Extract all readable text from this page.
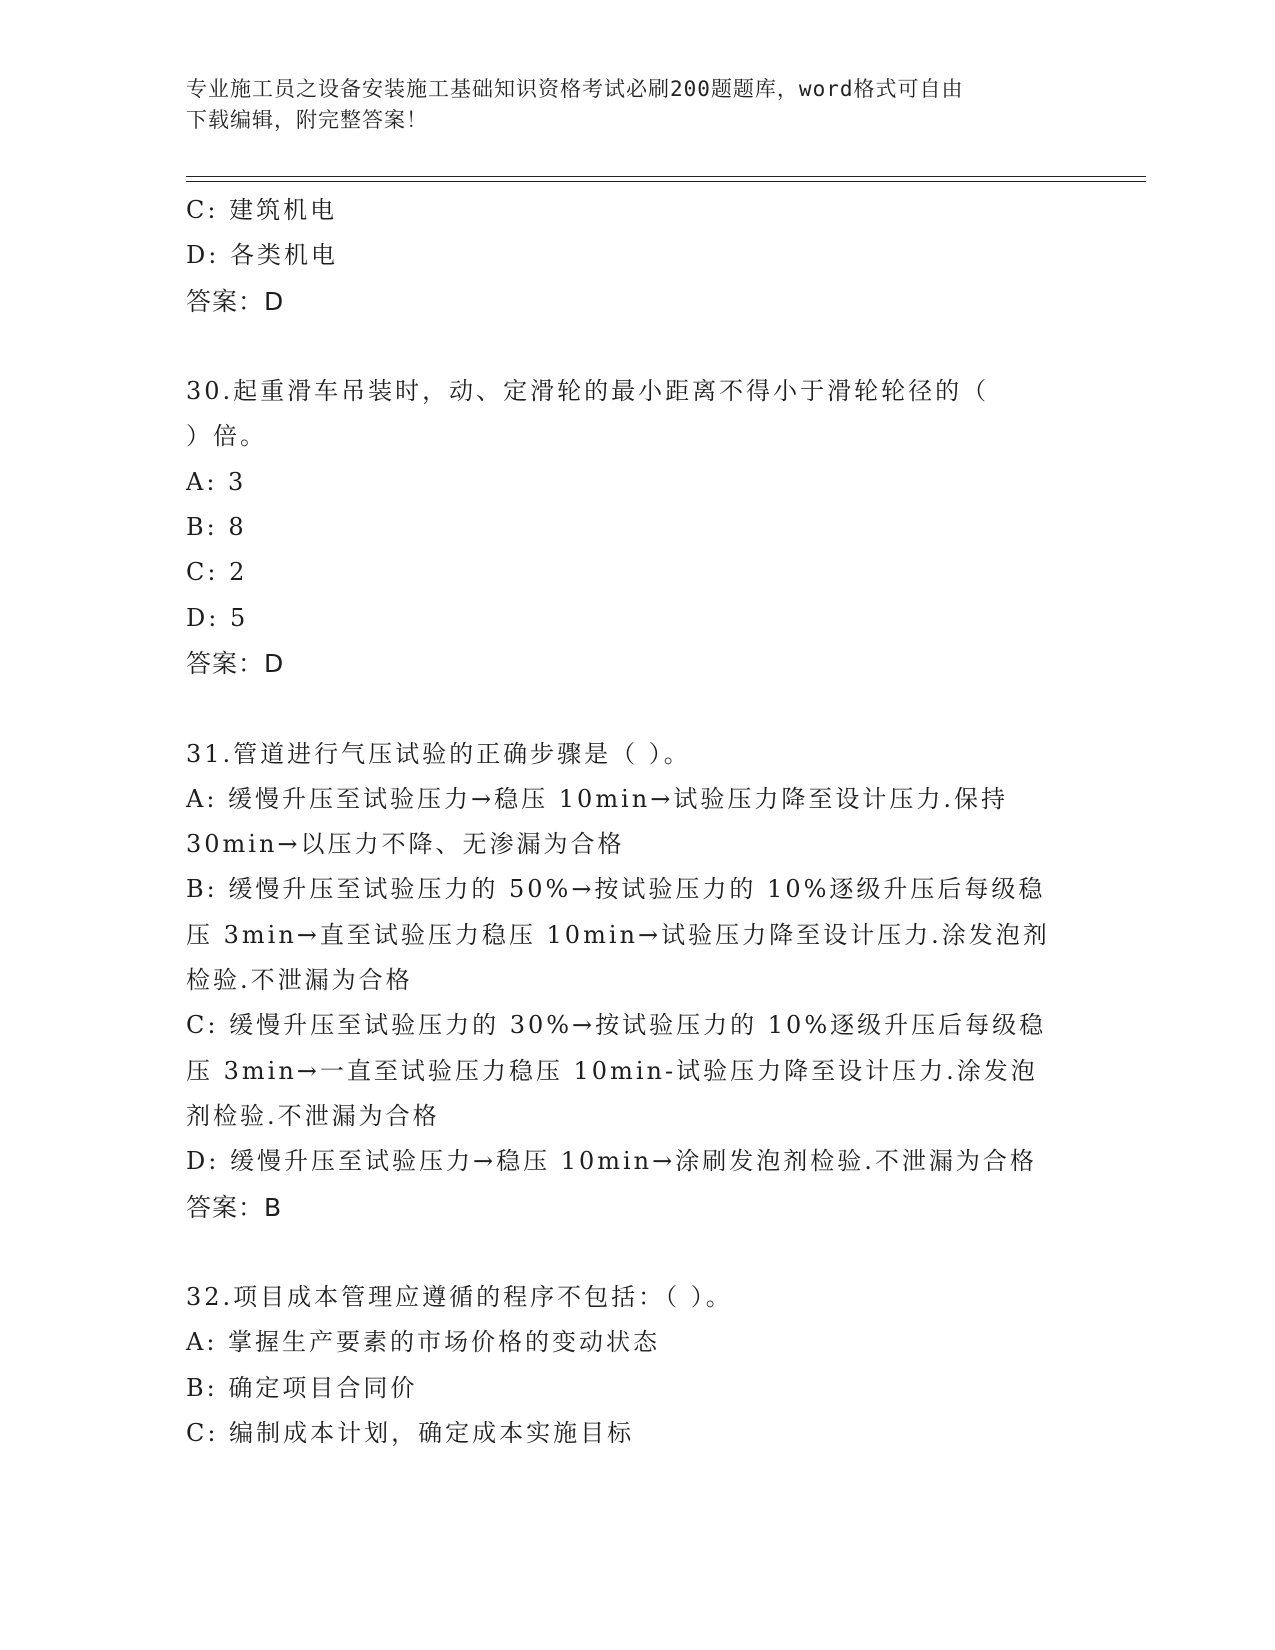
专业施工员之设备安装施工基础知识资格考试必刷200题题库，word格式可自由
下载编辑，附完整答案！
C: 建筑机电
D: 各类机电
答案：D
30.起重滑车吊装时，动、定滑轮的最小距离不得小于滑轮轮径的（
）倍。
A: 3
B: 8
C: 2
D: 5
答案：D
31.管道进行气压试验的正确步骤是（ ）。
A: 缓慢升压至试验压力→稳压 10min→试验压力降至设计压力.保持
30min→以压力不降、无渗漏为合格
B: 缓慢升压至试验压力的 50%→按试验压力的 10%逐级升压后每级稳
压 3min→直至试验压力稳压 10min→试验压力降至设计压力.涂发泡剂
检验.不泄漏为合格
C: 缓慢升压至试验压力的 30%→按试验压力的 10%逐级升压后每级稳
压 3min→一直至试验压力稳压 10min-试验压力降至设计压力.涂发泡
剂检验.不泄漏为合格
D: 缓慢升压至试验压力→稳压 10min→涂刷发泡剂检验.不泄漏为合格
答案：B
32.项目成本管理应遵循的程序不包括：（ ）。
A: 掌握生产要素的市场价格的变动状态
B: 确定项目合同价
C: 编制成本计划，确定成本实施目标
